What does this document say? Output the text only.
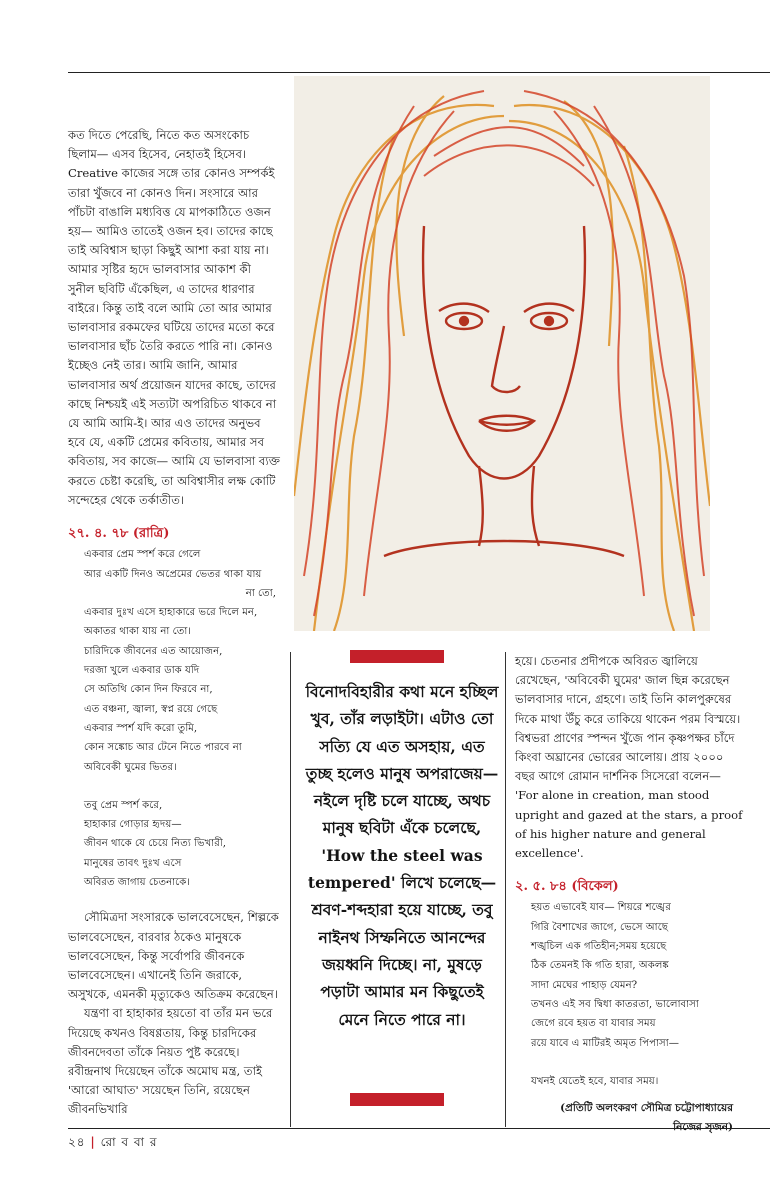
কত দিতে পেরেছি, নিতে কত অসংকোচ ছিলাম— এসব হিসেব, নেহাতই হিসেব। Creative কাজের সঙ্গে তার কোনও সম্পর্কই তারা খুঁজবে না কোনও দিন। সংসারে আর পাঁচটা বাঙালি মধ্যবিত্ত যে মাপকাঠিতে ওজন হয়— আমিও তাতেই ওজন হব। তাদের কাছে তাই অবিশ্বাস ছাড়া কিছুই আশা করা যায় না। আমার সৃষ্টির হৃদে ভালবাসার আকাশ কী সুনীল ছবিটি এঁকেছিল, এ তাদের ধারণার বাইরে। কিন্তু তাই বলে আমি তো আর আমার ভালবাসার রকমফের ঘটিয়ে তাদের মতো করে ভালবাসার ছাঁচ তৈরি করতে পারি না। কোনও ইচ্ছেও নেই তার। আমি জানি, আমার ভালবাসার অর্থ প্রয়োজন যাদের কাছে, তাদের কাছে নিশ্চয়ই এই সত্যটা অপরিচিত থাকবে না যে আমি আমি-ই। আর এও তাদের অনুভব হবে যে, একটি প্রেমের কবিতায়, আমার সব কবিতায়, সব কাজে— আমি যে ভালবাসা ব্যক্ত করতে চেষ্টা করেছি, তা অবিশ্বাসীর লক্ষ কোটি সন্দেহের থেকে তর্কাতীত।

২৭. ৪. ৭৮ (রাত্রি)
একবার প্রেম স্পর্শ করে গেলে
আর একটি দিনও অপ্রেমের ভেতর থাকা যায়
না তো,
একবার দুঃখ এসে হাহাকারে ভরে দিলে মন,
অকাতর থাকা যায় না তো।
চারিদিকে জীবনের এত আয়োজন,
দরজা খুলে একবার ডাক যদি
সে অতিথি কোন দিন ফিরবে না,
এত বঞ্চনা, জ্বালা, স্বপ্ন রয়ে গেছে
একবার স্পর্শ যদি করো তুমি,
কোন সঙ্কোচ আর টেনে নিতে পারবে না
অবিবেকী ঘুমের ভিতর।
তবু প্রেম স্পর্শ করে,
হাহাকার গোড়ার হৃদয়—
জীবন থাকে যে চেয়ে নিত্য ভিখারী,
মানুষের তাবৎ দুঃখ এসে
অবিরত জাগায় চেতনাকে।

সৌমিত্রদা সংসারকে ভালবেসেছেন, শিল্পকে ভালবেসেছেন, বারবার ঠকেও মানুষকে ভালবেসেছেন, কিন্তু সর্বোপরি জীবনকে ভালবেসেছেন। এখানেই তিনি জরাকে, অসুখকে, এমনকী মৃত্যুকেও অতিক্রম করেছেন।

যন্ত্রণা বা হাহাকার হয়তো বা তাঁর মন ভরে দিয়েছে কখনও বিষণ্ণতায়, কিন্তু চারদিকের জীবনদেবতা তাঁকে নিয়ত পুষ্ট করেছে। রবীন্দ্রনাথ দিয়েছেন তাঁকে অমোঘ মন্ত্র, তাই 'আরো আঘাত' সয়েছেন তিনি, রয়েছেন জীবনভিখারি

বিনোদবিহারীর কথা মনে হচ্ছিল খুব, তাঁর লড়াইটা। এটাও তো সত্যি যে এত অসহায়, এত তুচ্ছ হলেও মানুষ অপরাজেয়— নইলে দৃষ্টি চলে যাচ্ছে, অথচ মানুষ ছবিটা এঁকে চলেছে, 'How the steel was tempered' লিখে চলেছে— শ্রবণ-শব্দহারা হয়ে যাচ্ছে, তবু নাইনথ সিম্ফনিতে আনন্দের জয়ধ্বনি দিচ্ছে। না, মুষড়ে পড়াটা আমার মন কিছুতেই মেনে নিতে পারে না।

হয়ে। চেতনার প্রদীপকে অবিরত জ্বালিয়ে রেখেছেন, 'অবিবেকী ঘুমের' জাল ছিন্ন করেছেন ভালবাসার দানে, গ্রহণে। তাই তিনি কালপুরুষের দিকে মাথা উঁচু করে তাকিয়ে থাকেন পরম বিস্ময়ে। বিশ্বভরা প্রাণের স্পন্দন খুঁজে পান কৃষ্ণপক্ষর চাঁদে কিংবা অঘ্রানের ভোরের আলোয়। প্রায় ২০০০ বছর আগে রোমান দার্শনিক সিসেরো বলেন— 'For alone in creation, man stood upright and gazed at the stars, a proof of his higher nature and general excellence'.

২. ৫. ৮৪ (বিকেল)
হয়ত এভাবেই যাব— শিয়রে শঙ্খের
গিরি বৈশাখের জাগে, ভেসে আছে
শঙ্খচিল এক গতিহীন;সময় হয়েছে
ঠিক তেমনই কি গতি হারা, অকলঙ্ক
সাদা মেঘের পাহাড় যেমন?
তখনও এই সব দ্বিধা কাতরতা, ভালোবাসা
জেগে রবে হয়ত বা যাবার সময়
রয়ে যাবে এ মাটিরই অমৃত পিপাসা—
যখনই যেতেই হবে, যাবার সময়।
(প্রতিটি অলংকরণ সৌমিত্র চট্টোপাধ্যায়ের
২৪ | রো ব বা র
